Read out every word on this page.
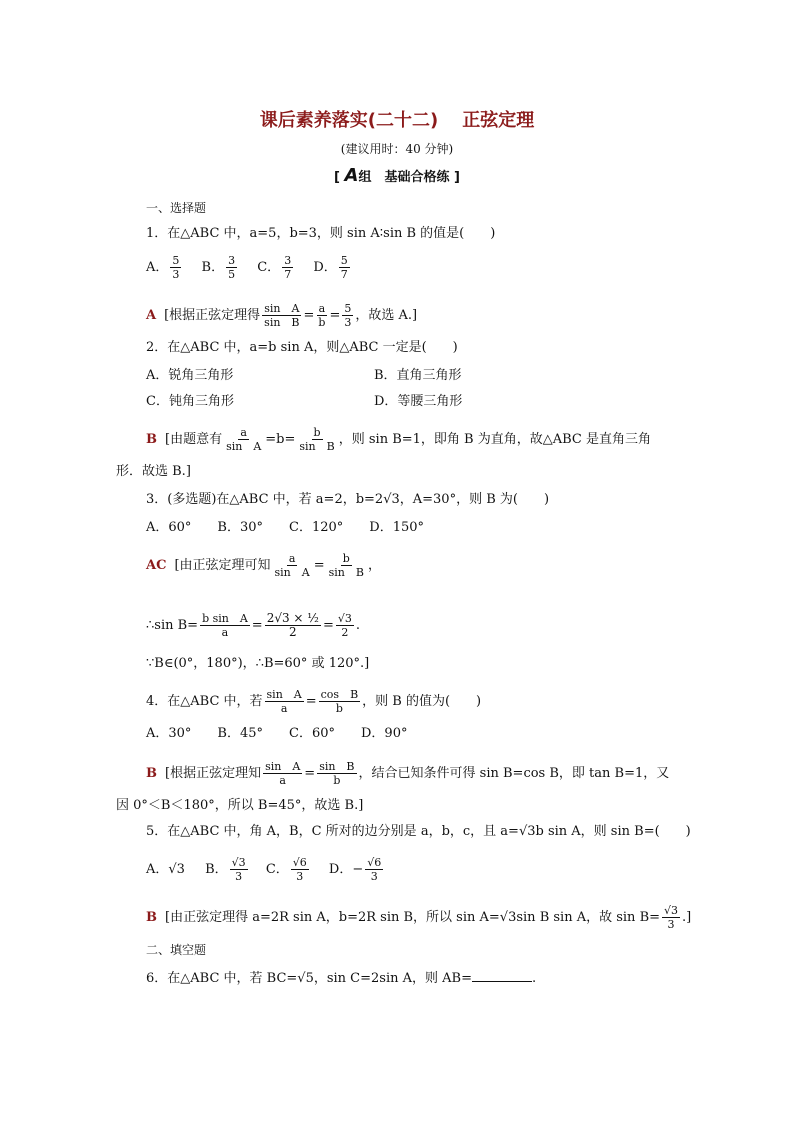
课后素养落实(二十二) 正弦定理
(建议用时：40 分钟)
[ A组　基础合格练 ]
一、选择题
1．在△ABC 中，a=5，b=3，则 sin A∶sin B 的值是(　　)
A． $\frac{5}{3}$ B． $\frac{3}{5}$ C． $\frac{3}{7}$ D． $\frac{5}{7}$
A [根据正弦定理得 $\frac{\text{sin　A}}{\text{sin　B}} = \frac{a}{b} = \frac{5}{3}$ ，故选 A.]
2．在△ABC 中，a=b sin A，则△ABC 一定是(　　)
A．锐角三角形	B．直角三角形
C．钝角三角形	D．等腰三角形
B [由题意有 $\frac{a}{\text{sin　A}} =b= \frac{b}{\text{sin　B}}$ ，则 sin B=1，即角 B 为直角，故△ABC 是直角三角
形．故选 B.]
3．(多选题)在△ABC 中，若 a=2，b=2√3，A=30°，则 B 为(　　)
A．60°　　B．30°　　C．120°　　D．150°
AC [由正弦定理可知 $\frac{a}{\text{sin　A}} = \frac{b}{\text{sin　B}}$ ，
∴sin $B= \frac{\text{b sin　A}}{a} = \frac{\text{2√3 × ½}}{2} = \frac{√3}{2}$ .
∵B∈(0°，180°)，∴B=60° 或 120°.]
4．在△ABC 中，若 $\frac{\text{sin　A}}{a} = \frac{\text{cos　B}}{b}$ ，则 B 的值为(　　)
A．30°　　B．45°　　C．60°　　D．90°
B [根据正弦定理知 $\frac{\text{sin　A}}{a} = \frac{\text{sin　B}}{b}$ ，结合已知条件可得 sin B=cos B，即 tan B=1，又
因 0°＜B＜180°，所以 B=45°，故选 B.]
5．在△ABC 中，角 A，B，C 所对的边分别是 a，b，c，且 a=√3b sin A，则 sin B=(　　)
A．√3 B． $\frac{√3}{3}$ C． $\frac{√6}{3}$ D．− $\frac{√6}{3}$
B [由正弦定理得 a=2R sin A，b=2R sin B，所以 sin A=√3sin B sin A，故 $\sin B= \frac{√3}{3}$ .]
二、填空题
6．在△ABC 中，若 BC=√5，sin C=2sin A，则 AB=	.
